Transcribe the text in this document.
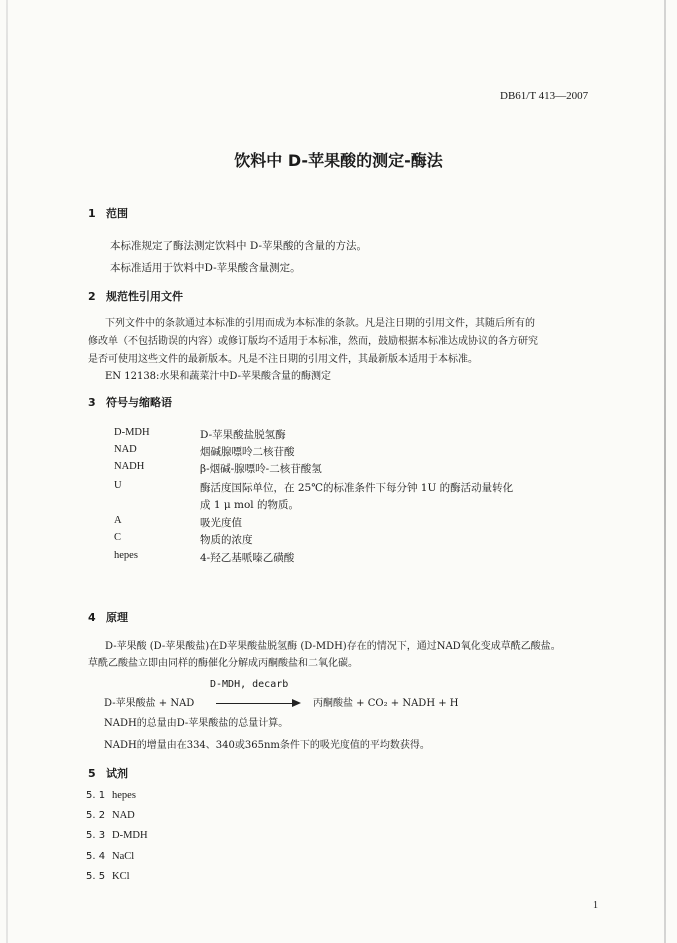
DB61/T 413—2007
饮料中 D-苹果酸的测定-酶法
1 范围
本标准规定了酶法测定饮料中 D-苹果酸的含量的方法。
本标准适用于饮料中D-苹果酸含量测定。
2 规范性引用文件
下列文件中的条款通过本标准的引用而成为本标准的条款。凡是注日期的引用文件，其随后所有的
修改单（不包括勘误的内容）或修订版均不适用于本标准，然而，鼓励根据本标准达成协议的各方研究
是否可使用这些文件的最新版本。凡是不注日期的引用文件，其最新版本适用于本标准。
EN 12138:水果和蔬菜汁中D-苹果酸含量的酶测定
3 符号与缩略语
D-MDH	D-苹果酸盐脱氢酶
NAD	烟碱腺嘌呤二核苷酸
NADH	β-烟碱-腺嘌呤-二核苷酸氢
U	酶活度国际单位，在 25℃的标准条件下每分钟 1U 的酶活动量转化
成 1 μ mol 的物质。
A	吸光度值
C	物质的浓度
hepes	4-羟乙基哌嗪乙磺酸
4 原理
D-苹果酸 (D-苹果酸盐)在D苹果酸盐脱氢酶 (D-MDH)存在的情况下，通过NAD氧化变成草酰乙酸盐。
草酰乙酸盐立即由同样的酶催化分解成丙酮酸盐和二氧化碳。
D-MDH, decarb
D-苹果酸盐 + NAD	丙酮酸盐 + CO₂ + NADH + H
NADH的总量由D-苹果酸盐的总量计算。
NADH的增量由在334、340或365nm条件下的吸光度值的平均数获得。
5 试剂
5. 1 hepes
5. 2 NAD
5. 3 D-MDH
5. 4 NaCl
5. 5 KCl
1
